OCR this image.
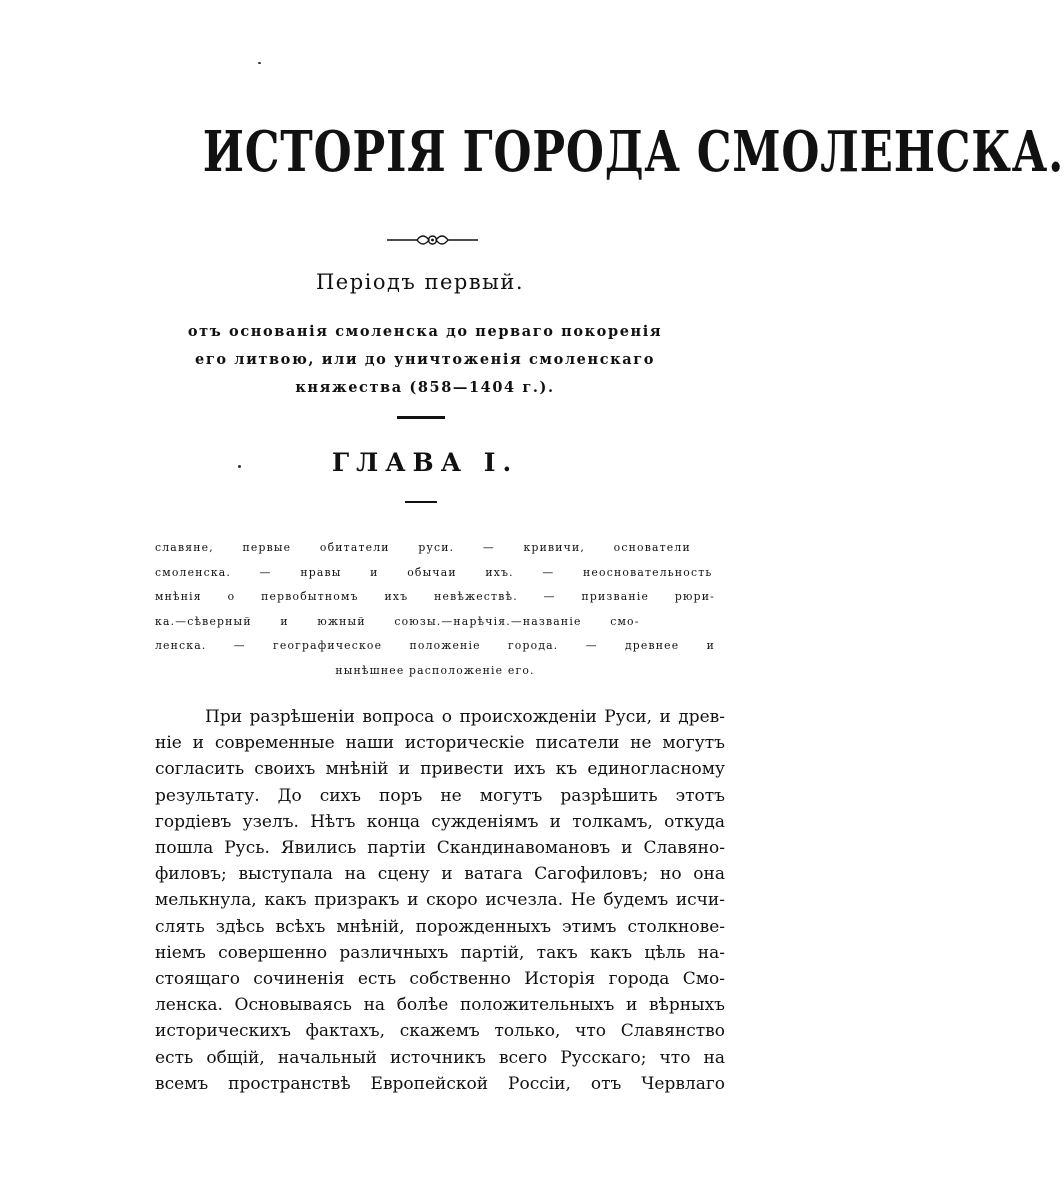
ИСТОРІЯ ГОРОДА СМОЛЕНСКА.
Періодъ первый.
отъ основанія смоленска до перваго покоренія
его литвою, или до уничтоженія смоленскаго
княжества (858—1404 г.).
ГЛАВА I.
славяне, первые обитатели руси. — кривичи, основатели
смоленска. — нравы и обычаи ихъ. — неосновательность
мнѣнія о первобытномъ ихъ невѣжествѣ. — призваніе рюри-
ка.—сѣверный и южный союзы.—нарѣчія.—названіе смо-
ленска. — географическое положеніе города. — древнее и
нынѣшнее расположеніе его.
При разрѣшеніи вопроса о происхожденіи Руси, и древ-
ніе и современные наши историческіе писатели не могутъ
согласить своихъ мнѣній и привести ихъ къ единогласному
результату. До сихъ поръ не могутъ разрѣшить этотъ
гордіевъ узелъ. Нѣтъ конца сужденіямъ и толкамъ, откуда
пошла Русь. Явились партіи Скандинавомановъ и Славяно-
филовъ; выступала на сцену и ватага Сагофиловъ; но она
мелькнула, какъ призракъ и скоро исчезла. Не будемъ исчи-
слять здѣсь всѣхъ мнѣній, порожденныхъ этимъ столкнове-
ніемъ совершенно различныхъ партій, такъ какъ цѣль на-
стоящаго сочиненія есть собственно Исторія города Смо-
ленска. Основываясь на болѣе положительныхъ и вѣрныхъ
историческихъ фактахъ, скажемъ только, что Славянство
есть общій, начальный источникъ всего Русскаго; что на
всемъ пространствѣ Европейской Россіи, отъ Червлаго
